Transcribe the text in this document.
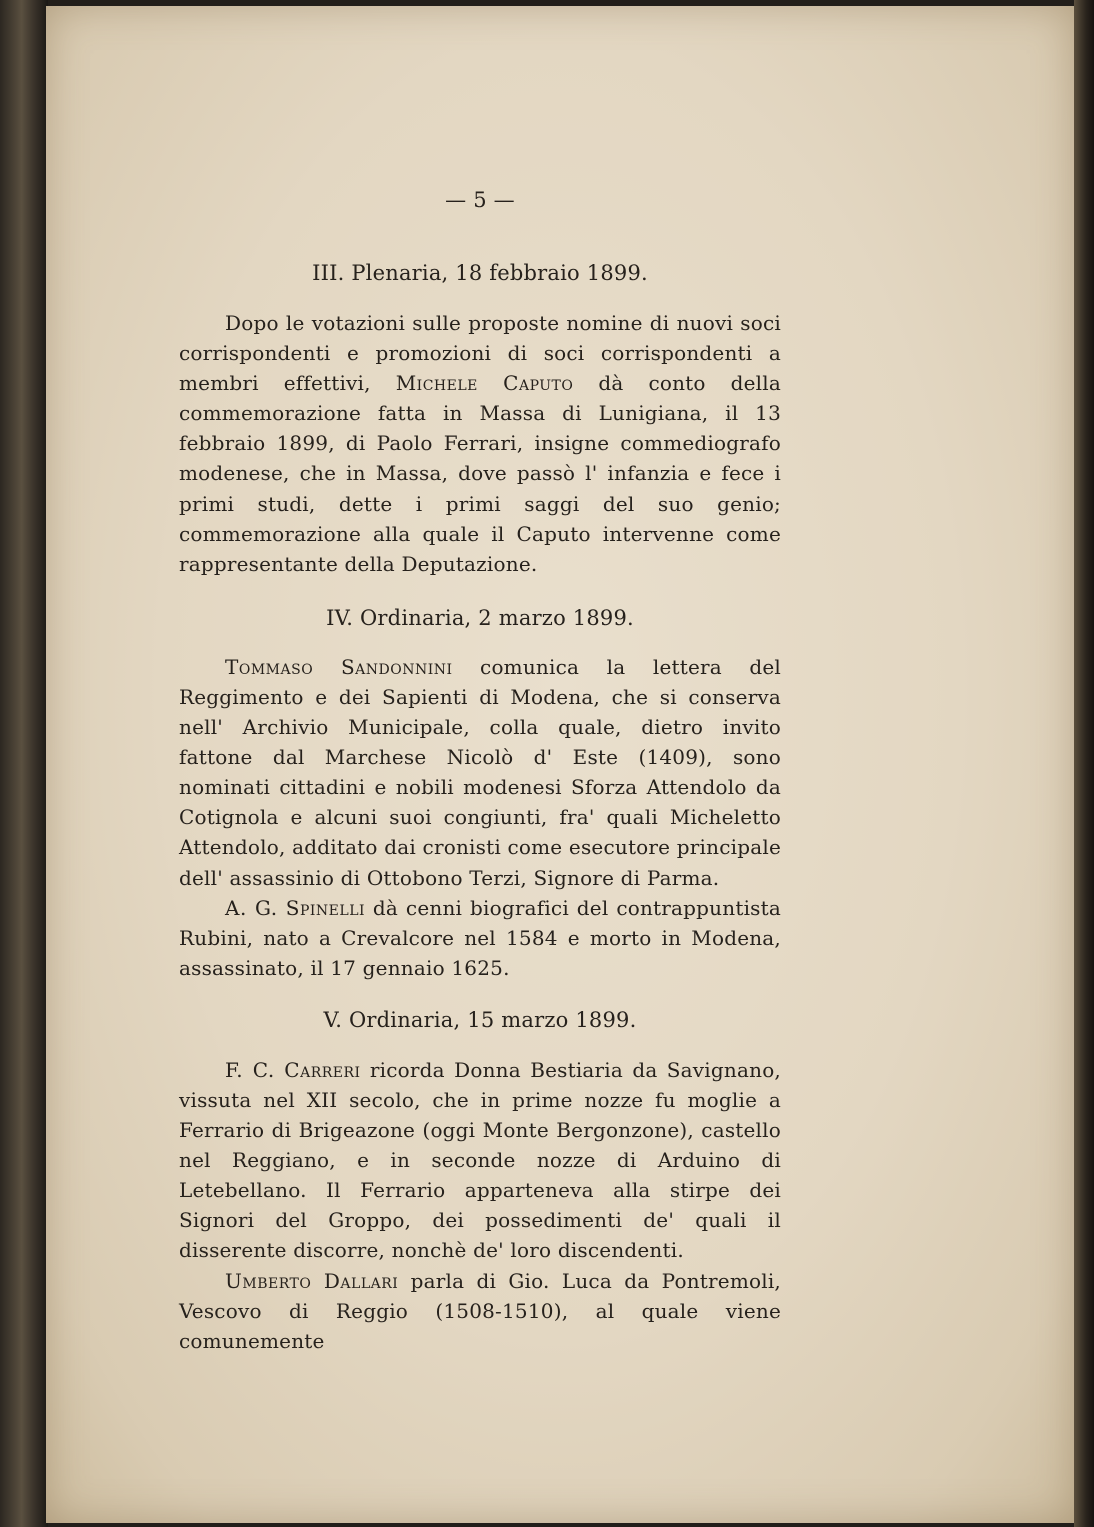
— 5 —
III. Plenaria, 18 febbraio 1899.

Dopo le votazioni sulle proposte nomine di nuovi soci corrispondenti e promozioni di soci corrispondenti a membri effettivi, Michele Caputo dà conto della commemorazione fatta in Massa di Lunigiana, il 13 febbraio 1899, di Paolo Ferrari, insigne commediografo modenese, che in Massa, dove passò l' infanzia e fece i primi studi, dette i primi saggi del suo genio; commemorazione alla quale il Caputo intervenne come rappresentante della Deputazione.

IV. Ordinaria, 2 marzo 1899.

Tommaso Sandonnini comunica la lettera del Reggimento e dei Sapienti di Modena, che si conserva nell' Archivio Municipale, colla quale, dietro invito fattone dal Marchese Nicolò d' Este (1409), sono nominati cittadini e nobili modenesi Sforza Attendolo da Cotignola e alcuni suoi congiunti, fra' quali Micheletto Attendolo, additato dai cronisti come esecutore principale dell' assassinio di Ottobono Terzi, Signore di Parma.

A. G. Spinelli dà cenni biografici del contrappuntista Rubini, nato a Crevalcore nel 1584 e morto in Modena, assassinato, il 17 gennaio 1625.

V. Ordinaria, 15 marzo 1899.

F. C. Carreri ricorda Donna Bestiaria da Savignano, vissuta nel XII secolo, che in prime nozze fu moglie a Ferrario di Brigeazone (oggi Monte Bergonzone), castello nel Reggiano, e in seconde nozze di Arduino di Letebellano. Il Ferrario apparteneva alla stirpe dei Signori del Groppo, dei possedimenti de' quali il disserente discorre, nonchè de' loro discendenti.

Umberto Dallari parla di Gio. Luca da Pontremoli, Vescovo di Reggio (1508-1510), al quale viene comunemente
